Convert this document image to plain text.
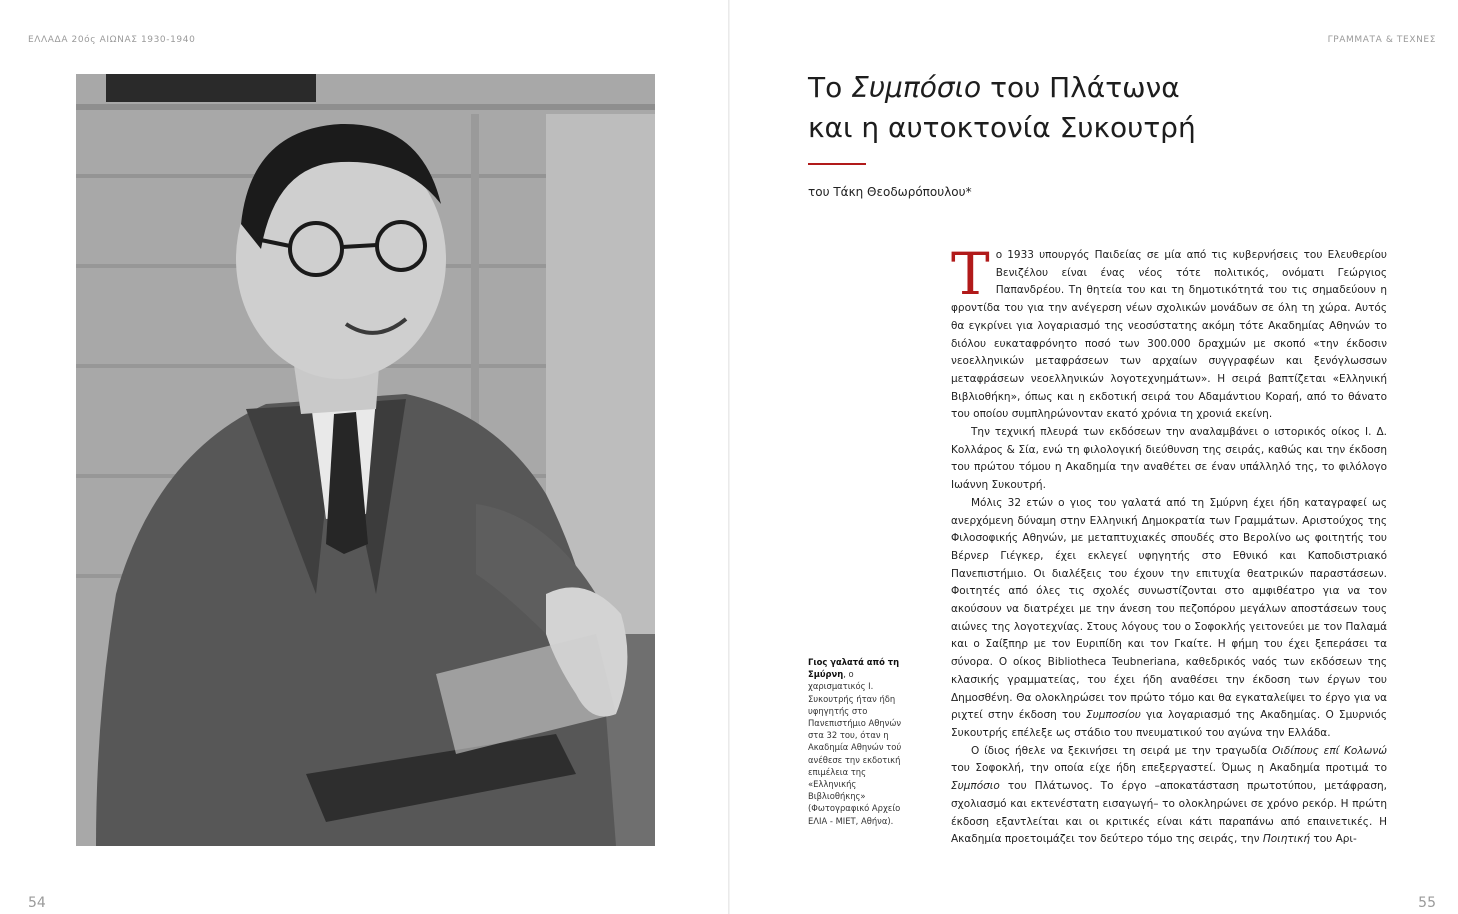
ΕΛΛΑΔΑ 20ός ΑΙΩΝΑΣ 1930-1940	ΓΡΑΜΜΑΤΑ & ΤΕΧΝΕΣ
Γιος γαλατά από τη Σμύρνη, ο χαρισματικός Ι. Συκουτρής ήταν ήδη υφηγητής στο Πανεπιστήμιο Αθηνών στα 32 του, όταν η Ακαδημία Αθηνών τού ανέθεσε την εκδοτική επιμέλεια της «Ελληνικής Βιβλιοθήκης» (Φωτογραφικό Αρχείο ΕΛΙΑ - ΜΙΕΤ, Αθήνα).
Το Συμπόσιο του Πλάτωνα
και η αυτοκτονία Συκουτρή
του Τάκη Θεοδωρόπουλου*

Το 1933 υπουργός Παιδείας σε μία από τις κυβερνήσεις του Ελευθερίου Βενιζέλου είναι ένας νέος τότε πολιτικός, ονόματι Γεώργιος Παπανδρέου. Τη θητεία του και τη δημοτικότητά του τις σημαδεύουν η φροντίδα του για την ανέγερση νέων σχολικών μονάδων σε όλη τη χώρα. Αυτός θα εγκρίνει για λογαριασμό της νεοσύστατης ακόμη τότε Ακαδημίας Αθηνών το διόλου ευκαταφρόνητο ποσό των 300.000 δραχμών με σκοπό «την έκδοσιν νεοελληνικών μεταφράσεων των αρχαίων συγγραφέων και ξενόγλωσσων μεταφράσεων νεοελληνικών λογοτεχνημάτων». Η σειρά βαπτίζεται «Ελληνική Βιβλιοθήκη», όπως και η εκδοτική σειρά του Αδαμάντιου Κοραή, από το θάνατο του οποίου συμπληρώνονταν εκατό χρόνια τη χρονιά εκείνη.

Την τεχνική πλευρά των εκδόσεων την αναλαμβάνει ο ιστορικός οίκος Ι. Δ. Κολλάρος & Σία, ενώ τη φιλολογική διεύθυνση της σειράς, καθώς και την έκδοση του πρώτου τόμου η Ακαδημία την αναθέτει σε έναν υπάλληλό της, το φιλόλογο Ιωάννη Συκουτρή.

Μόλις 32 ετών ο γιος του γαλατά από τη Σμύρνη έχει ήδη καταγραφεί ως ανερχόμενη δύναμη στην Ελληνική Δημοκρατία των Γραμμάτων. Αριστούχος της Φιλοσοφικής Αθηνών, με μεταπτυχιακές σπουδές στο Βερολίνο ως φοιτητής του Βέρνερ Γιέγκερ, έχει εκλεγεί υφηγητής στο Εθνικό και Καποδιστριακό Πανεπιστήμιο. Οι διαλέξεις του έχουν την επιτυχία θεατρικών παραστάσεων. Φοιτητές από όλες τις σχολές συνωστίζονται στο αμφιθέατρο για να τον ακούσουν να διατρέχει με την άνεση του πεζοπόρου μεγάλων αποστάσεων τους αιώνες της λογοτεχνίας. Στους λόγους του ο Σοφοκλής γειτονεύει με τον Παλαμά και ο Σαίξπηρ με τον Ευριπίδη και τον Γκαίτε. Η φήμη του έχει ξεπεράσει τα σύνορα. Ο οίκος Bibliotheca Teubneriana, καθεδρικός ναός των εκδόσεων της κλασικής γραμματείας, του έχει ήδη αναθέσει την έκδοση των έργων του Δημοσθένη. Θα ολοκληρώσει τον πρώτο τόμο και θα εγκαταλείψει το έργο για να ριχτεί στην έκδοση του Συμποσίου για λογαριασμό της Ακαδημίας. Ο Σμυρνιός Συκουτρής επέλεξε ως στάδιο του πνευματικού του αγώνα την Ελλάδα.

Ο ίδιος ήθελε να ξεκινήσει τη σειρά με την τραγωδία Οιδίπους επί Κολωνώ του Σοφοκλή, την οποία είχε ήδη επεξεργαστεί. Όμως η Ακαδημία προτιμά το Συμπόσιο του Πλάτωνος. Το έργο –αποκατάσταση πρωτοτύπου, μετάφραση, σχολιασμό και εκτενέστατη εισαγωγή– το ολοκληρώνει σε χρόνο ρεκόρ. Η πρώτη έκδοση εξαντλείται και οι κριτικές είναι κάτι παραπάνω από επαινετικές. Η Ακαδημία προετοιμάζει τον δεύτερο τόμο της σειράς, την Ποιητική του Αρι-

54	55
